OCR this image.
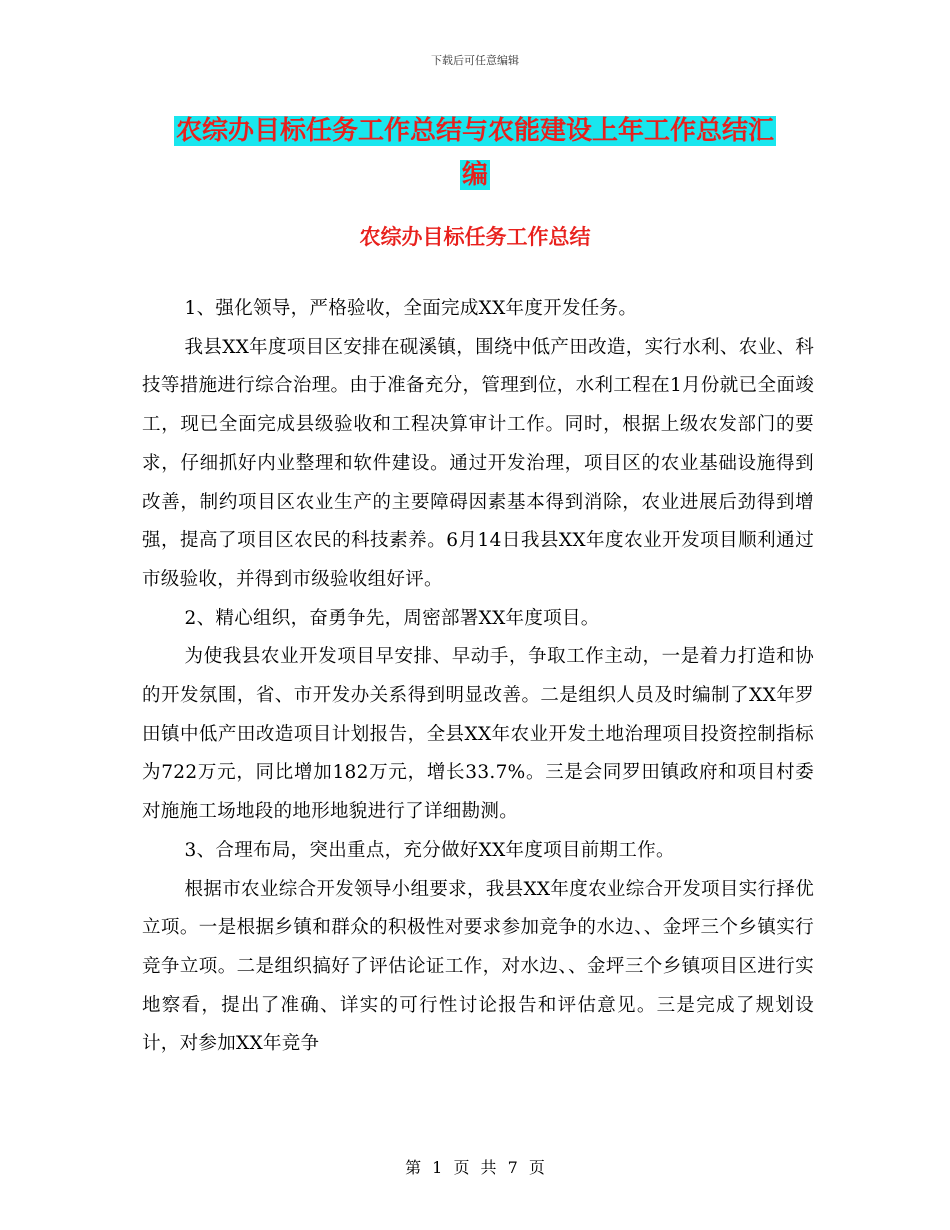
下载后可任意编辑
农综办目标任务工作总结与农能建设上年工作总结汇
编
农综办目标任务工作总结

1、强化领导，严格验收，全面完成XX年度开发任务。

我县XX年度项目区安排在砚溪镇，围绕中低产田改造，实行水利、农业、科技等措施进行综合治理。由于准备充分，管理到位，水利工程在1月份就已全面竣工，现已全面完成县级验收和工程决算审计工作。同时，根据上级农发部门的要求，仔细抓好内业整理和软件建设。通过开发治理，项目区的农业基础设施得到改善，制约项目区农业生产的主要障碍因素基本得到消除，农业进展后劲得到增强，提高了项目区农民的科技素养。6月14日我县XX年度农业开发项目顺利通过市级验收，并得到市级验收组好评。

2、精心组织，奋勇争先，周密部署XX年度项目。

为使我县农业开发项目早安排、早动手，争取工作主动，一是着力打造和协的开发氛围，省、市开发办关系得到明显改善。二是组织人员及时编制了XX年罗田镇中低产田改造项目计划报告，全县XX年农业开发土地治理项目投资控制指标为722万元，同比增加182万元，增长33.7%。三是会同罗田镇政府和项目村委对施施工场地段的地形地貌进行了详细勘测。

3、合理布局，突出重点，充分做好XX年度项目前期工作。

根据市农业综合开发领导小组要求，我县XX年度农业综合开发项目实行择优立项。一是根据乡镇和群众的积极性对要求参加竞争的水边、、金坪三个乡镇实行竞争立项。二是组织搞好了评估论证工作，对水边、、金坪三个乡镇项目区进行实地察看，提出了准确、详实的可行性讨论报告和评估意见。三是完成了规划设计，对参加XX年竞争

第 1 页 共 7 页
